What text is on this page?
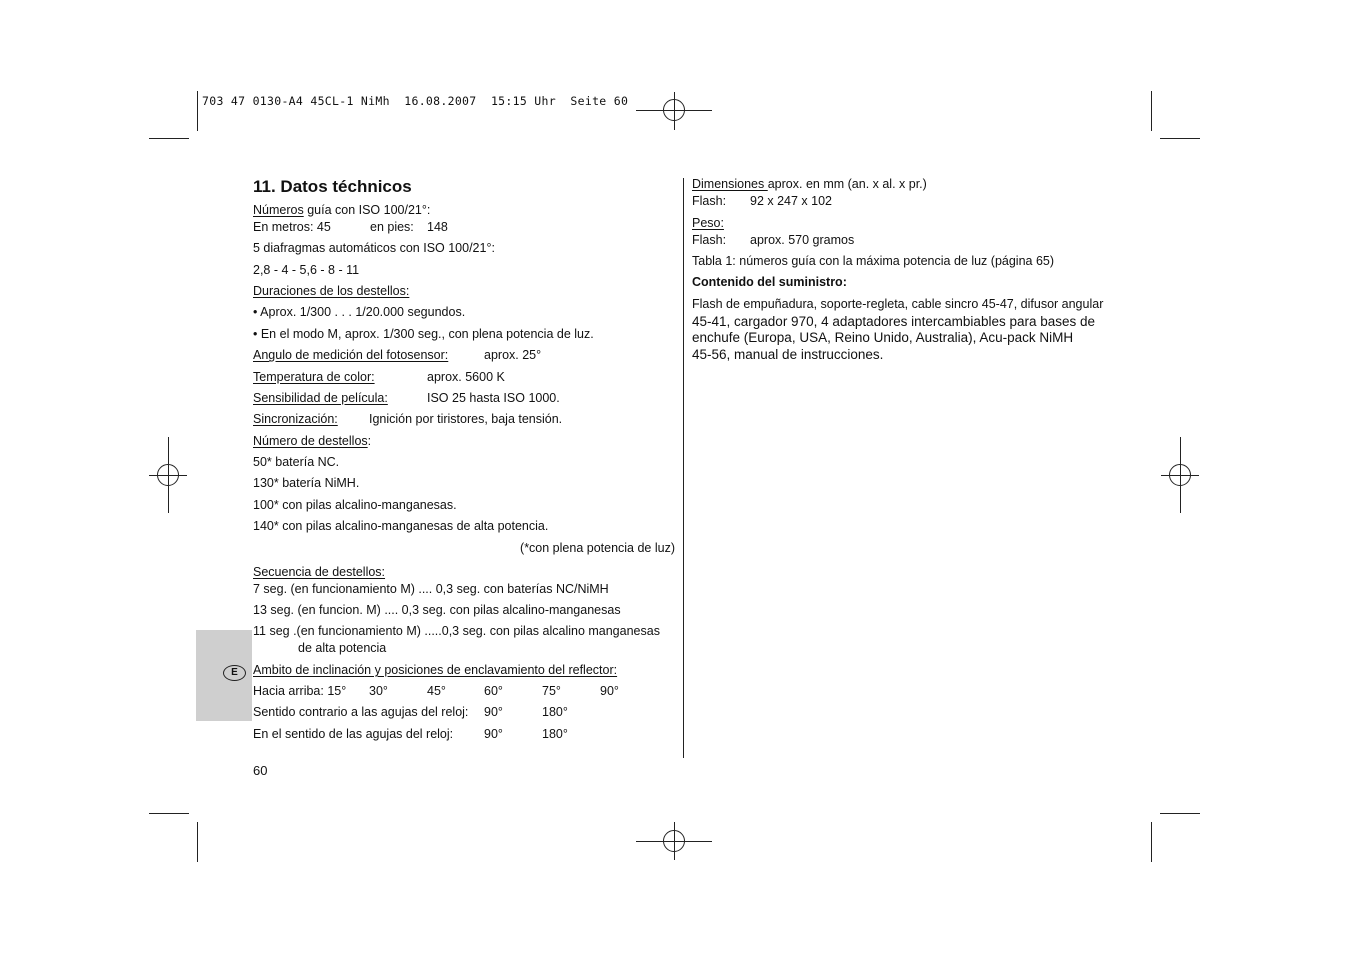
703 47 0130-A4 45CL-1 NiMh  16.08.2007  15:15 Uhr  Seite 60
11. Datos téchnicos
Números guía con ISO 100/21°:
En metros: 45	en pies: 148
5 diafragmas automáticos con ISO 100/21°:
2,8 - 4 - 5,6 - 8 - 11
Duraciones de los destellos:
• Aprox. 1/300 . . . 1/20.000 segundos.
• En el modo M, aprox. 1/300 seg., con plena potencia de luz.
Angulo de medición del fotosensor:	aprox. 25°
Temperatura de color:	aprox. 5600 K
Sensibilidad de película:	ISO 25 hasta ISO 1000.
Sincronización: Ignición por tiristores, baja tensión.
Número de destellos:
50* batería NC.
130* batería NiMH.
100* con pilas alcalino-manganesas.
140* con pilas alcalino-manganesas de alta potencia.
(*con plena potencia de luz)
Secuencia de destellos:
7 seg. (en funcionamiento M) .... 0,3 seg. con baterías NC/NiMH
13 seg. (en funcion. M) .... 0,3 seg. con pilas alcalino-manganesas
11 seg .(en funcionamiento M) .....0,3 seg. con pilas alcalino manganesas
de alta potencia
E	Ambito de inclinación y posiciones de enclavamiento del reflector:
Hacia arriba: 15° 30°	45°	60°	75°	90°
Sentido contrario a las agujas del reloj: 90°	180°
En el sentido de las agujas del reloj: 90°	180°
60
Dimensiones aprox. en mm (an. x al. x pr.)
Flash: 92 x 247 x 102
Peso:
Flash: aprox. 570 gramos
Tabla 1: números guía con la máxima potencia de luz (página 65)
Contenido del suministro:
Flash de empuñadura, soporte-regleta, cable sincro 45-47, difusor angular
45-41, cargador 970, 4 adaptadores intercambiables para bases de
enchufe (Europa, USA, Reino Unido, Australia), Acu-pack NiMH
45-56, manual de instrucciones.
